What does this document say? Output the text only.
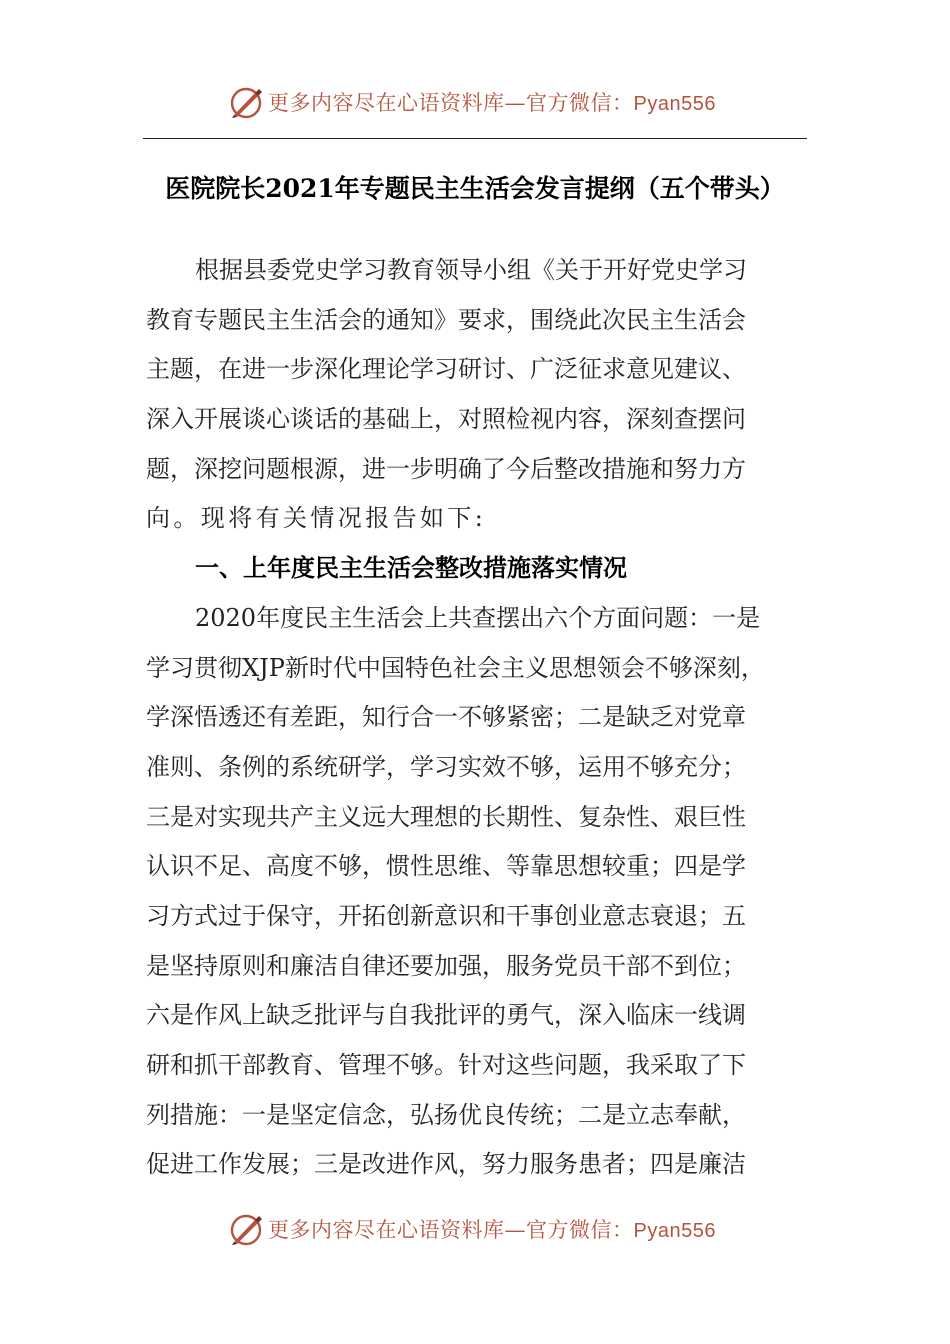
更多内容尽在心语资料库—官方微信：Pyan556
医院院长2021年专题民主生活会发言提纲（五个带头）
根据县委党史学习教育领导小组《关于开好党史学习
教育专题民主生活会的通知》要求，围绕此次民主生活会
主题，在进一步深化理论学习研讨、广泛征求意见建议、
深入开展谈心谈话的基础上，对照检视内容，深刻查摆问
题，深挖问题根源，进一步明确了今后整改措施和努力方
向。现将有关情况报告如下:
一、上年度民主生活会整改措施落实情况
2020年度民主生活会上共查摆出六个方面问题：一是
学习贯彻XJP新时代中国特色社会主义思想领会不够深刻，
学深悟透还有差距，知行合一不够紧密；二是缺乏对党章
准则、条例的系统研学，学习实效不够，运用不够充分；
三是对实现共产主义远大理想的长期性、复杂性、艰巨性
认识不足、高度不够，惯性思维、等靠思想较重；四是学
习方式过于保守，开拓创新意识和干事创业意志衰退；五
是坚持原则和廉洁自律还要加强，服务党员干部不到位；
六是作风上缺乏批评与自我批评的勇气，深入临床一线调
研和抓干部教育、管理不够。针对这些问题，我采取了下
列措施：一是坚定信念，弘扬优良传统；二是立志奉献，
促进工作发展；三是改进作风，努力服务患者；四是廉洁
更多内容尽在心语资料库—官方微信：Pyan556
